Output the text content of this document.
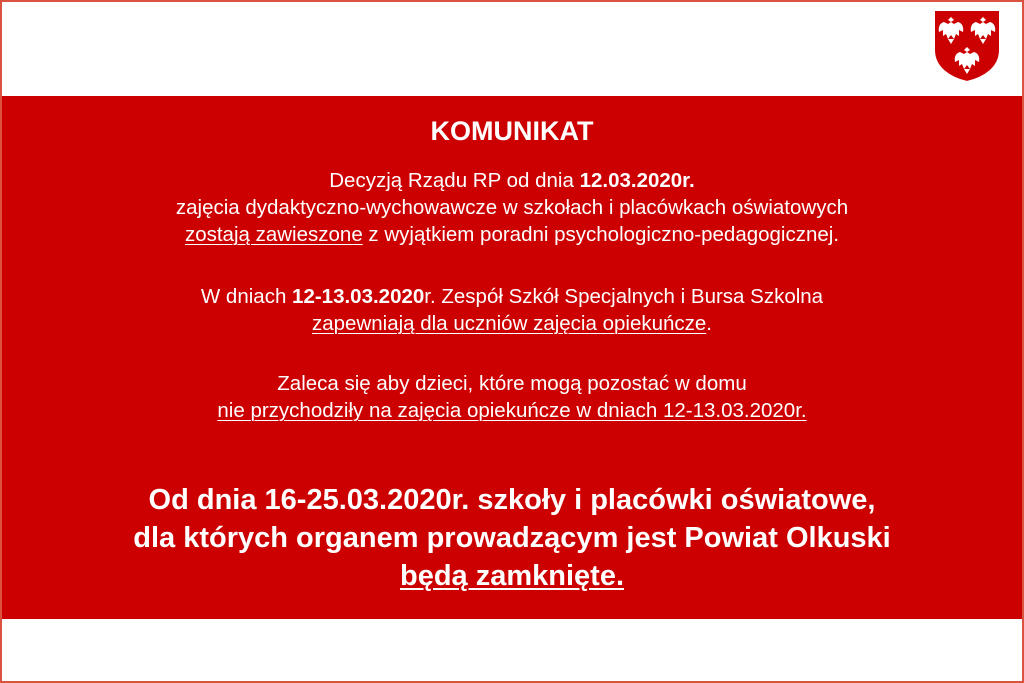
KOMUNIKAT
Decyzją Rządu RP od dnia 12.03.2020r.
zajęcia dydaktyczno-wychowawcze w szkołach i placówkach oświatowych
zostają zawieszone z wyjątkiem poradni psychologiczno-pedagogicznej.
W dniach 12-13.03.2020r. Zespół Szkół Specjalnych i Bursa Szkolna
zapewniają dla uczniów zajęcia opiekuńcze.
Zaleca się aby dzieci, które mogą pozostać w domu
nie przychodziły na zajęcia opiekuńcze w dniach 12-13.03.2020r.
Od dnia 16-25.03.2020r. szkoły i placówki oświatowe,
dla których organem prowadzącym jest Powiat Olkuski
będą zamknięte.
